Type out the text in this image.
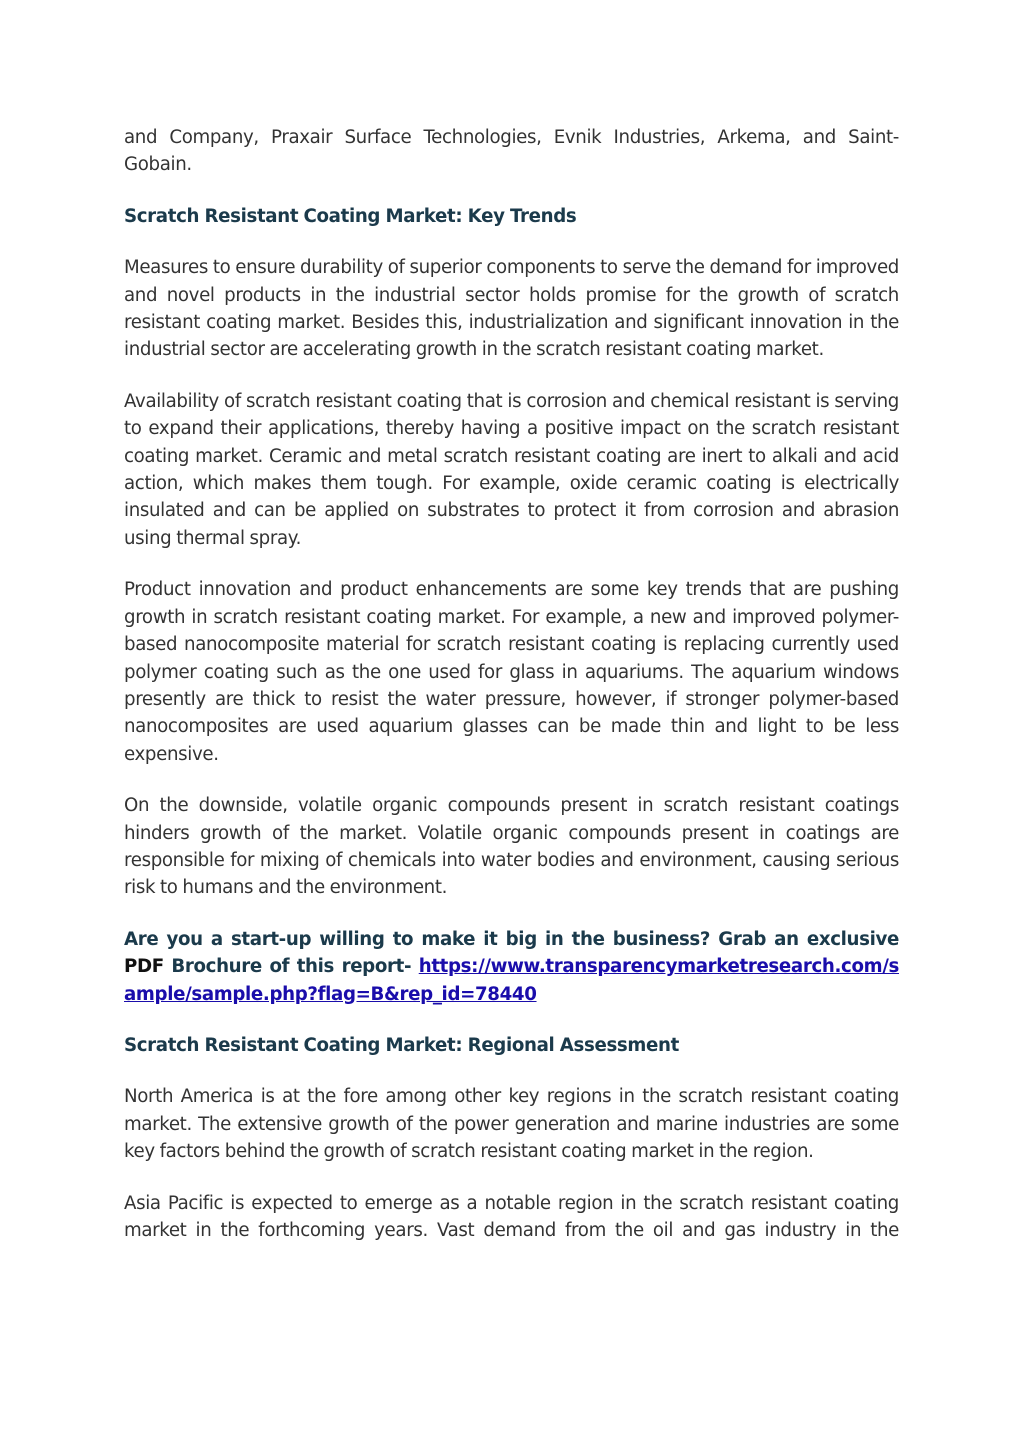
and Company, Praxair Surface Technologies, Evnik Industries, Arkema, and Saint-Gobain.

Scratch Resistant Coating Market: Key Trends

Measures to ensure durability of superior components to serve the demand for improved and novel products in the industrial sector holds promise for the growth of scratch resistant coating market. Besides this, industrialization and significant innovation in the industrial sector are accelerating growth in the scratch resistant coating market.

Availability of scratch resistant coating that is corrosion and chemical resistant is serving to expand their applications, thereby having a positive impact on the scratch resistant coating market. Ceramic and metal scratch resistant coating are inert to alkali and acid action, which makes them tough. For example, oxide ceramic coating is electrically insulated and can be applied on substrates to protect it from corrosion and abrasion using thermal spray.

Product innovation and product enhancements are some key trends that are pushing growth in scratch resistant coating market. For example, a new and improved polymer-based nanocomposite material for scratch resistant coating is replacing currently used polymer coating such as the one used for glass in aquariums. The aquarium windows presently are thick to resist the water pressure, however, if stronger polymer-based nanocomposites are used aquarium glasses can be made thin and light to be less expensive.

On the downside, volatile organic compounds present in scratch resistant coatings hinders growth of the market. Volatile organic compounds present in coatings are responsible for mixing of chemicals into water bodies and environment, causing serious risk to humans and the environment.

Are you a start-up willing to make it big in the business? Grab an exclusive PDF Brochure of this report- https://www.transparencymarketresearch.com/sample/sample.php?flag=B&rep_id=78440

Scratch Resistant Coating Market: Regional Assessment

North America is at the fore among other key regions in the scratch resistant coating market. The extensive growth of the power generation and marine industries are some key factors behind the growth of scratch resistant coating market in the region.

Asia Pacific is expected to emerge as a notable region in the scratch resistant coating market in the forthcoming years. Vast demand from the oil and gas industry in the
